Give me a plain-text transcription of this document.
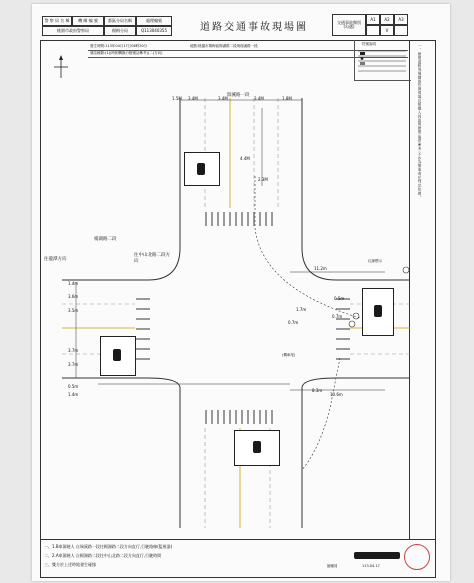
警 察 局 名 稱	機 關 編 號	都區分局名稱	處理編號
桃園市政府警察局	楊梅分局	Q113040355	道路交通事故現場圖	交通事故類別
(勾選)
A1	A2	A3
V
一、繪製道路現場圖係依據現場及相關人員說明繪製,僅供參考,不作為肇事責任判定依據。
發生時間:113年04月17日08時30分	地點:桃園市楊梅區楊湖路二段與瑞溪路一段
號誌種類:(1)(時相轉換行駛號誌參考)(二)方向)
符號說明
瑞溪路一段
楊湖路二段
往龍潭方向
往中山北路二段方向	紅線標示
(機車尾)
1.5M 3.4M	3.4M	3.4M	1.8M
4.4M
2.3M
1.4m
3.6m
3.5m
3.7m
3.7m
0.5m
1.4m
11.2m
0.5m
1.7m
0.7m
0.7m
8.3m
10.6m
一、1.B車駕駛人 自瑞溪路一段往楊湖路二段方向直行,行駛路線(監視器)
二、2.A車駕駛人 自楊湖路二段往中山北路二段方向直行,行駛時間
三、雙方於上述時地發生碰撞	繪圖員	113.04.17
